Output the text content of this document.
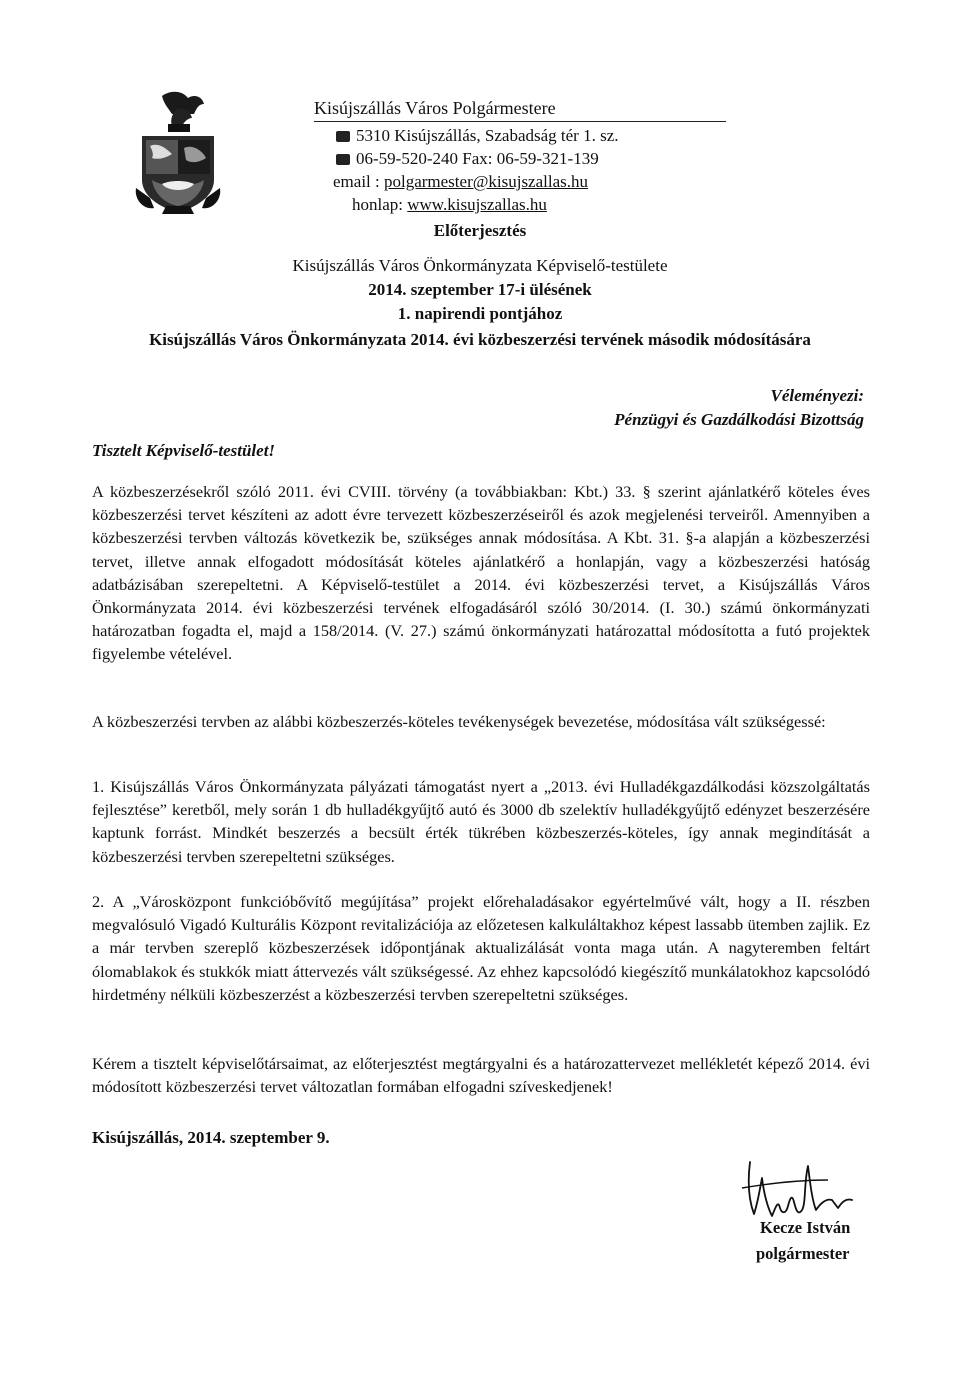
Kisújszállás Város Polgármestere
5310 Kisújszállás, Szabadság tér 1. sz.
06-59-520-240 Fax: 06-59-321-139
email : polgarmester@kisujszallas.hu
honlap: www.kisujszallas.hu
Előterjesztés
Kisújszállás Város Önkormányzata Képviselő-testülete
2014. szeptember 17-i ülésének
1. napirendi pontjához
Kisújszállás Város Önkormányzata 2014. évi közbeszerzési tervének második módosítására
Véleményezi:
Pénzügyi és Gazdálkodási Bizottság
Tisztelt Képviselő-testület!

A közbeszerzésekről szóló 2011. évi CVIII. törvény (a továbbiakban: Kbt.) 33. § szerint ajánlatkérő köteles éves közbeszerzési tervet készíteni az adott évre tervezett közbeszerzéseiről és azok megjelenési terveiről. Amennyiben a közbeszerzési tervben változás következik be, szükséges annak módosítása. A Kbt. 31. §-a alapján a közbeszerzési tervet, illetve annak elfogadott módosítását köteles ajánlatkérő a honlapján, vagy a közbeszerzési hatóság adatbázisában szerepeltetni. A Képviselő-testület a 2014. évi közbeszerzési tervet, a Kisújszállás Város Önkormányzata 2014. évi közbeszerzési tervének elfogadásáról szóló 30/2014. (I. 30.) számú önkormányzati határozatban fogadta el, majd a 158/2014. (V. 27.) számú önkormányzati határozattal módosította a futó projektek figyelembe vételével.

A közbeszerzési tervben az alábbi közbeszerzés-köteles tevékenységek bevezetése, módosítása vált szükségessé:

1. Kisújszállás Város Önkormányzata pályázati támogatást nyert a „2013. évi Hulladékgazdálkodási közszolgáltatás fejlesztése” keretből, mely során 1 db hulladékgyűjtő autó és 3000 db szelektív hulladékgyűjtő edényzet beszerzésére kaptunk forrást. Mindkét beszerzés a becsült érték tükrében közbeszerzés-köteles, így annak megindítását a közbeszerzési tervben szerepeltetni szükséges.

2. A „Városközpont funkcióbővítő megújítása” projekt előrehaladásakor egyértelművé vált, hogy a II. részben megvalósuló Vigadó Kulturális Központ revitalizációja az előzetesen kalkuláltakhoz képest lassabb ütemben zajlik. Ez a már tervben szereplő közbeszerzések időpontjának aktualizálását vonta maga után. A nagyteremben feltárt ólomablakok és stukkók miatt áttervezés vált szükségessé. Az ehhez kapcsolódó kiegészítő munkálatokhoz kapcsolódó hirdetmény nélküli közbeszerzést a közbeszerzési tervben szerepeltetni szükséges.

Kérem a tisztelt képviselőtársaimat, az előterjesztést megtárgyalni és a határozattervezet mellékletét képező 2014. évi módosított közbeszerzési tervet változatlan formában elfogadni szíveskedjenek!

Kisújszállás, 2014. szeptember 9.
Kecze István
polgármester
